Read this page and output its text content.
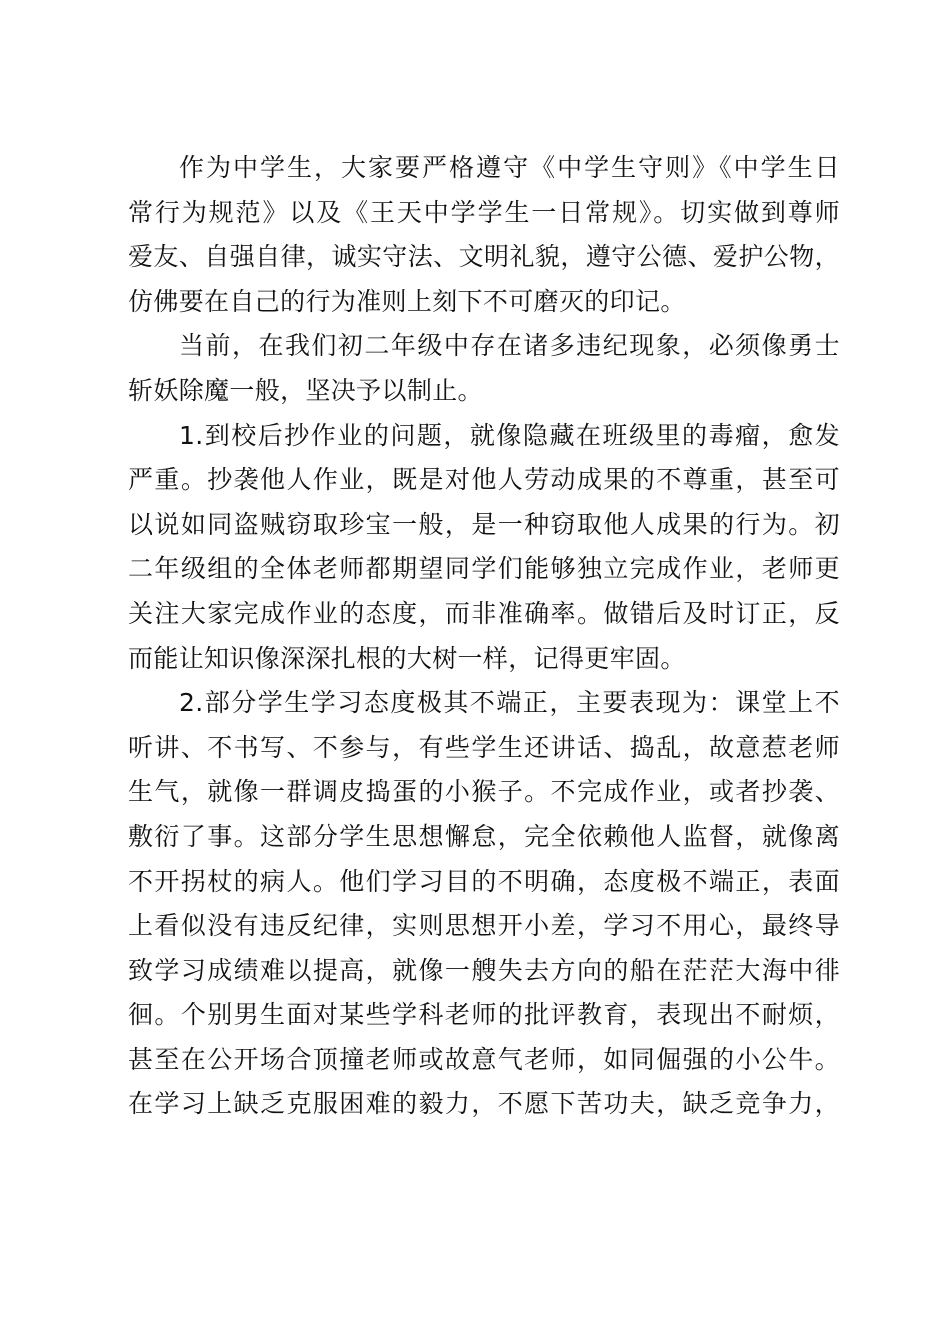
作为中学生，大家要严格遵守《中学生守则》《中学生日
常行为规范》以及《王天中学学生一日常规》。切实做到尊师
爱友、自强自律，诚实守法、文明礼貌，遵守公德、爱护公物，
仿佛要在自己的行为准则上刻下不可磨灭的印记。
当前，在我们初二年级中存在诸多违纪现象，必须像勇士
斩妖除魔一般，坚决予以制止。
1.到校后抄作业的问题，就像隐藏在班级里的毒瘤，愈发
严重。抄袭他人作业，既是对他人劳动成果的不尊重，甚至可
以说如同盗贼窃取珍宝一般，是一种窃取他人成果的行为。初
二年级组的全体老师都期望同学们能够独立完成作业，老师更
关注大家完成作业的态度，而非准确率。做错后及时订正，反
而能让知识像深深扎根的大树一样，记得更牢固。
2.部分学生学习态度极其不端正，主要表现为：课堂上不
听讲、不书写、不参与，有些学生还讲话、捣乱，故意惹老师
生气，就像一群调皮捣蛋的小猴子。不完成作业，或者抄袭、
敷衍了事。这部分学生思想懈怠，完全依赖他人监督，就像离
不开拐杖的病人。他们学习目的不明确，态度极不端正，表面
上看似没有违反纪律，实则思想开小差，学习不用心，最终导
致学习成绩难以提高，就像一艘失去方向的船在茫茫大海中徘
徊。个别男生面对某些学科老师的批评教育，表现出不耐烦，
甚至在公开场合顶撞老师或故意气老师，如同倔强的小公牛。
在学习上缺乏克服困难的毅力，不愿下苦功夫，缺乏竞争力，
